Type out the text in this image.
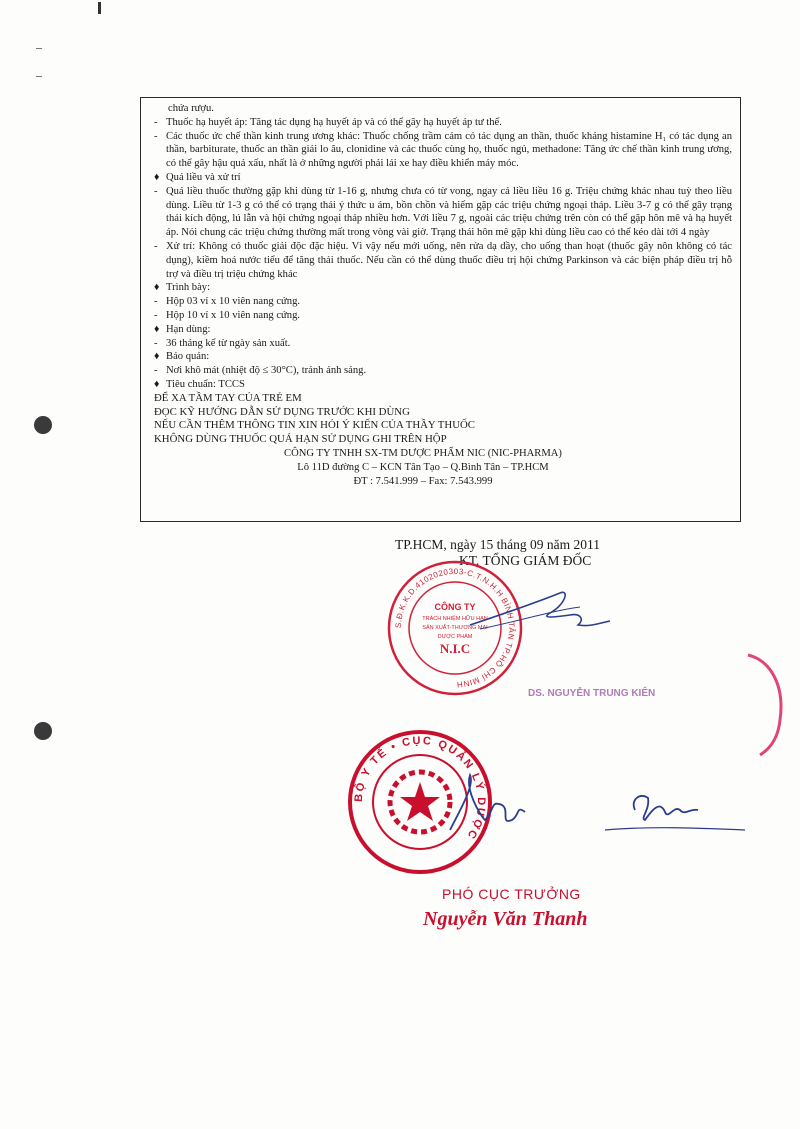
chứa rượu.
- Thuốc hạ huyết áp: Tăng tác dụng hạ huyết áp và có thể gây hạ huyết áp tư thế.
- Các thuốc ức chế thần kinh trung ương khác: Thuốc chống trầm cảm có tác dụng an thần, thuốc kháng histamine H₁ có tác dụng an thần, barbiturate, thuốc an thần giải lo âu, clonidine và các thuốc cùng họ, thuốc ngủ, methadone: Tăng ức chế thần kinh trung ương, có thể gây hậu quả xấu, nhất là ở những người phải lái xe hay điều khiển máy móc.
♦ Quá liều và xử trí
- Quá liều thuốc thường gặp khi dùng từ 1-16 g, nhưng chưa có từ vong, ngay cả liều liều 16 g. Triệu chứng khác nhau tuỳ theo liều dùng. Liều từ 1-3 g có thể có trạng thái ý thức u ám, bồn chồn và hiếm gặp các triệu chứng ngoại tháp. Liều 3-7 g có thể gây trạng thái kích động, lú lẫn và hội chứng ngoại tháp nhiều hơn. Với liều 7 g, ngoài các triệu chứng trên còn có thể gặp hôn mê và hạ huyết áp. Nói chung các triệu chứng thường mất trong vòng vài giờ. Trạng thái hôn mê gặp khi dùng liều cao có thể kéo dài tới 4 ngày
- Xử trí: Không có thuốc giải độc đặc hiệu. Vì vậy nếu mới uống, nên rửa dạ dầy, cho uống than hoạt (thuốc gây nôn không có tác dụng), kiềm hoá nước tiểu để tăng thải thuốc. Nếu cần có thể dùng thuốc điều trị hội chứng Parkinson và các biện pháp điều trị hỗ trợ và điều trị triệu chứng khác
♦ Trình bày:
- Hộp 03 vỉ x 10 viên nang cứng.
- Hộp 10 vỉ x 10 viên nang cứng.
♦ Hạn dùng:
- 36 tháng kể từ ngày sản xuất.
♦ Bảo quản:
- Nơi khô mát (nhiệt độ ≤ 30°C), tránh ánh sáng.
♦ Tiêu chuẩn: TCCS
ĐỂ XA TẦM TAY CỦA TRẺ EM
ĐỌC KỸ HƯỚNG DẪN SỬ DỤNG TRƯỚC KHI DÙNG
NẾU CẦN THÊM THÔNG TIN XIN HỎI Ý KIẾN CỦA THẦY THUỐC
KHÔNG DÙNG THUỐC QUÁ HẠN SỬ DỤNG GHI TRÊN HỘP
CÔNG TY TNHH SX-TM DƯỢC PHẨM NIC (NIC-PHARMA)
Lô 11D đường C – KCN Tân Tạo – Q.Bình Tân – TP.HCM
ĐT : 7.541.999 – Fax: 7.543.999
TP.HCM, ngày 15 tháng 09 năm 2011
KT. TỔNG GIÁM ĐỐC
S.Đ.K.K.D.4102020303-C.T.N.H.H BÌNH TÂN TP.HỒ CHÍ MINH
CÔNG TY
TRÁCH NHIỆM HỮU HẠN
SẢN XUẤT-THƯƠNG MẠI
DƯỢC PHẨM
N.I.C
DS. NGUYỄN TRUNG KIÊN
BỘ Y TẾ • CỤC QUẢN LÝ DƯỢC
PHÓ CỤC TRƯỞNG
Nguyễn Văn Thanh
